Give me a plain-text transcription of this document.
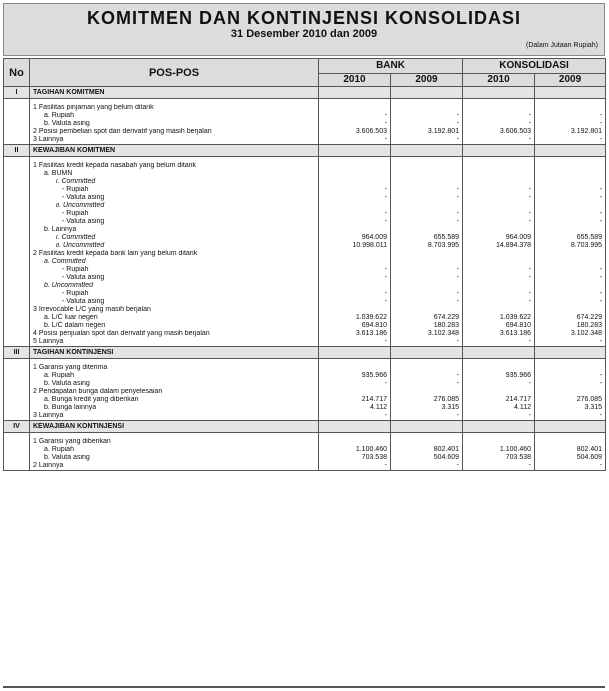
KOMITMEN DAN KONTINJENSI KONSOLIDASI
31 Desember 2010 dan 2009
(Dalam Jutaan Rupiah)
No	POS-POS	BANK		KONSOLIDASI	
		2010	2009	2010	2009
I	TAGIHAN KOMITMEN				

	1 Fasilitas pinjaman yang belum ditarik				
	a. Rupiah	-	-	-	-
	b. Valuta asing	-	-	-	-
	2 Posisi pembelian spot dan derivatif yang masih berjalan	3.606.503	3.192.801	3.606.503	3.192.801
	3 Lainnya	-	-	-	-
II	KEWAJIBAN KOMITMEN				

	1 Fasilitas kredit kepada nasabah yang belum ditarik				
	a. BUMN				
	i. Committed				
	- Rupiah	-	-	-	-
	- Valuta asing	-	-	-	-
	ii. Uncommitted				
	- Rupiah	-	-	-	-
	- Valuta asing	-	-	-	-
	b. Lainnya				
	i. Committed	964.009	655.589	964.009	655.589
	ii. Uncommitted	10.998.011	8.703.995	14.894.378	8.703.995
	2 Fasilitas kredit kepada bank lain yang belum ditarik				
	a. Committed				
	- Rupiah	-	-	-	-
	- Valuta asing	-	-	-	-
	b. Uncommitted				
	- Rupiah	-	-	-	-
	- Valuta asing	-	-	-	-
	3 Irrevocable L/C yang masih berjalan				
	a. L/C luar negeri	1.039.622	674.229	1.039.622	674.229
	b. L/C dalam negeri	694.810	180.283	694.810	180.283
	4 Posisi penjualan spot dan derivatif yang masih berjalan	3.613.186	3.102.348	3.613.186	3.102.348
	5 Lainnya	-	-	-	-
III	TAGIHAN KONTINJENSI				

	1 Garansi yang diterima				
	a. Rupiah	935.966	-	935.966	-
	b. Valuta asing	-	-	-	-
	2 Pendapatan bunga dalam penyelesaian				
	a. Bunga kredit yang diberikan	214.717	276.085	214.717	276.085
	b. Bunga lainnya	4.112	3.315	4.112	3.315
	3 Lainnya	-	-	-	-
IV	KEWAJIBAN KONTINJENSI				

	1 Garansi yang diberikan				
	a. Rupiah	1.100.460	802.401	1.100.460	802.401
	b. Valuta asing	703.538	504.609	703.538	504.609
	2 Lainnya	-	-	-	-
